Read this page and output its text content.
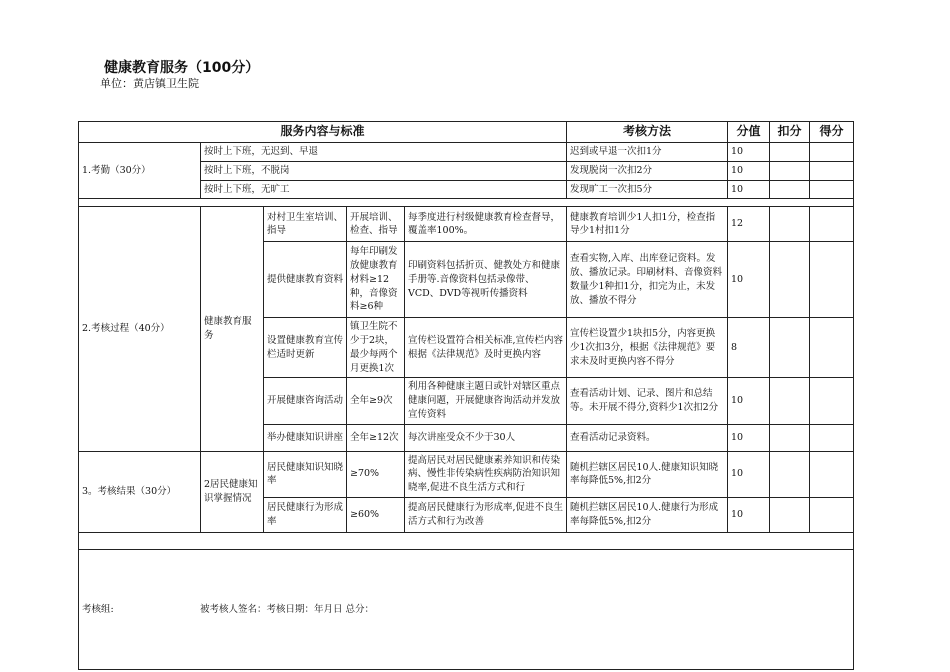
健康教育服务（100分）
单位：黄店镇卫生院
服务内容与标准					考核方法	分值	扣分	得分
1.考勤（30分）	按时上下班，无迟到、早退				迟到或早退一次扣1分	10		
	按时上下班，不脱岗				发现脱岗一次扣2分	10		
	按时上下班，无旷工				发现旷工一次扣5分	10		

2.考核过程（40分）	健康教育服务	对村卫生室培训、指导	开展培训、检查、指导	每季度进行村级健康教育检查督导，覆盖率100%。	健康教育培训少1人扣1分，检查指导少1村扣1分	12		
		提供健康教育资料	每年印刷发放健康教育材料≥12种，音像资料≥6种	印刷资料包括折页、健教处方和健康手册等.音像资料包括录像带、VCD、DVD等视听传播资料	查看实物,入库、出库登记资料。发放、播放记录。印刷材料、音像资料数量少1种扣1分，扣完为止，未发放、播放不得分	10		
		设置健康教育宣传栏适时更新	镇卫生院不少于2块，最少每两个月更换1次	宣传栏设置符合相关标准,宣传栏内容根据《法律规范》及时更换内容	宣传栏设置少1块扣5分，内容更换少1次扣3分，根据《法律规范》要求未及时更换内容不得分	8		
		开展健康咨询活动	全年≥9次	利用各种健康主题日或针对辖区重点健康问题，开展健康咨询活动并发放宣传资料	查看活动计划、记录、图片和总结等。未开展不得分,资料少1次扣2分	10		
		举办健康知识讲座	全年≥12次	每次讲座受众不少于30人	查看活动记录资料。	10		
3。考核结果（30分）	2居民健康知识掌握情况	居民健康知识知晓率	≥70%	提高居民对居民健康素养知识和传染病、慢性非传染病性疾病防治知识知晓率,促进不良生活方式和行	随机拦辖区居民10人.健康知识知晓率每降低5%,扣2分	10		
		居民健康行为形成率	≥60%	提高居民健康行为形成率,促进不良生活方式和行为改善	随机拦辖区居民10人.健康行为形成率每降低5%,扣2分	10		

考核组: 被考核人签名：考核日期：年月日 总分：								
